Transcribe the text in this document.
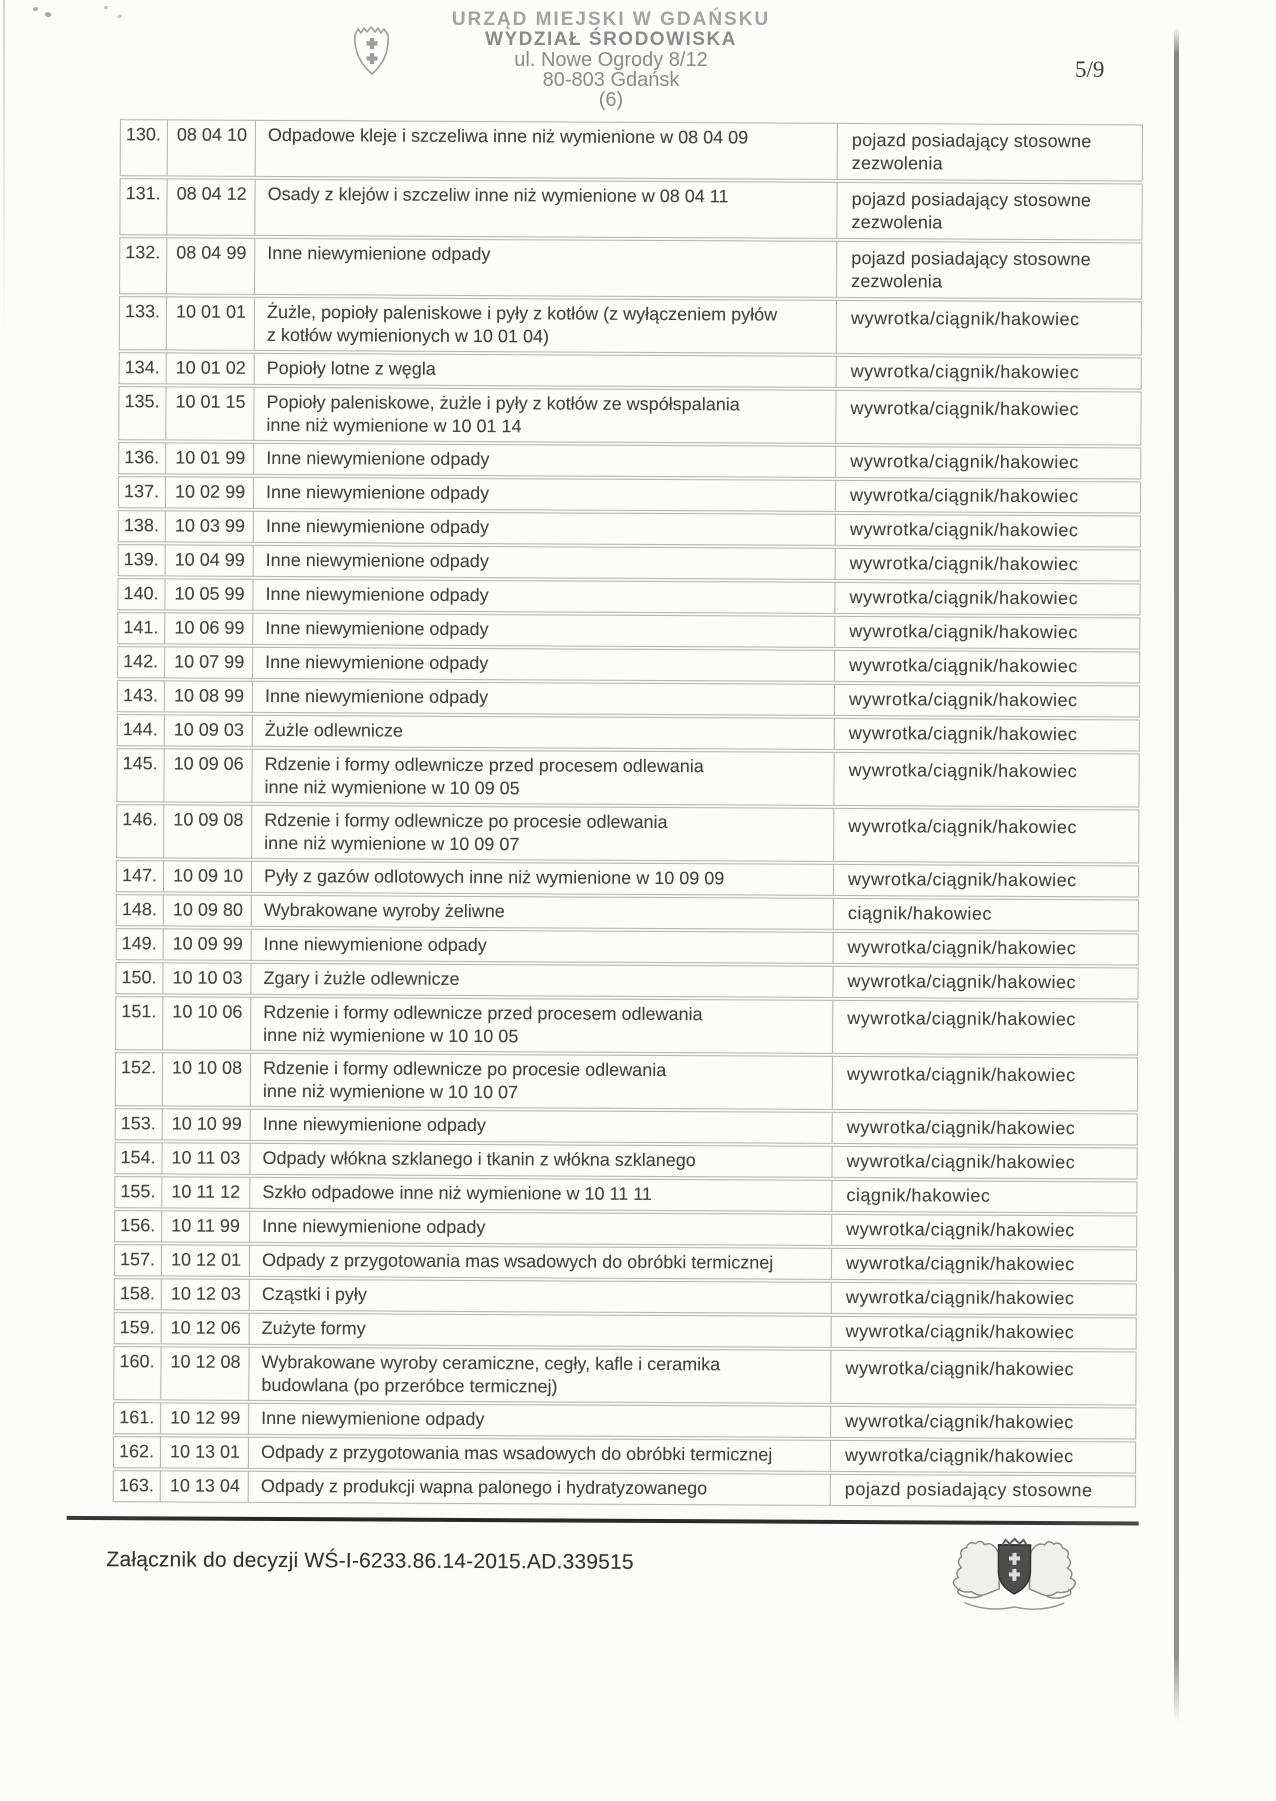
URZĄD MIEJSKI W GDAŃSKU
WYDZIAŁ ŚRODOWISKA
ul. Nowe Ogrody 8/12
80-803 Gdańsk
(6)
5/9
130.	08 04 10	Odpadowe kleje i szczeliwa inne niż wymienione w 08 04 09	pojazd posiadający stosowne
zezwolenia
131.	08 04 12	Osady z klejów i szczeliw inne niż wymienione w 08 04 11	pojazd posiadający stosowne
zezwolenia
132.	08 04 99	Inne niewymienione odpady	pojazd posiadający stosowne
zezwolenia
133.	10 01 01	Żużle, popioły paleniskowe i pyły z kotłów (z wyłączeniem pyłów
z kotłów wymienionych w 10 01 04)	wywrotka/ciągnik/hakowiec
134.	10 01 02	Popioły lotne z węgla	wywrotka/ciągnik/hakowiec
135.	10 01 15	Popioły paleniskowe, żużle i pyły z kotłów ze współspalania
inne niż wymienione w 10 01 14	wywrotka/ciągnik/hakowiec
136.	10 01 99	Inne niewymienione odpady	wywrotka/ciągnik/hakowiec
137.	10 02 99	Inne niewymienione odpady	wywrotka/ciągnik/hakowiec
138.	10 03 99	Inne niewymienione odpady	wywrotka/ciągnik/hakowiec
139.	10 04 99	Inne niewymienione odpady	wywrotka/ciągnik/hakowiec
140.	10 05 99	Inne niewymienione odpady	wywrotka/ciągnik/hakowiec
141.	10 06 99	Inne niewymienione odpady	wywrotka/ciągnik/hakowiec
142.	10 07 99	Inne niewymienione odpady	wywrotka/ciągnik/hakowiec
143.	10 08 99	Inne niewymienione odpady	wywrotka/ciągnik/hakowiec
144.	10 09 03	Żużle odlewnicze	wywrotka/ciągnik/hakowiec
145.	10 09 06	Rdzenie i formy odlewnicze przed procesem odlewania
inne niż wymienione w 10 09 05	wywrotka/ciągnik/hakowiec
146.	10 09 08	Rdzenie i formy odlewnicze po procesie odlewania
inne niż wymienione w 10 09 07	wywrotka/ciągnik/hakowiec
147.	10 09 10	Pyły z gazów odlotowych inne niż wymienione w 10 09 09	wywrotka/ciągnik/hakowiec
148.	10 09 80	Wybrakowane wyroby żeliwne	ciągnik/hakowiec
149.	10 09 99	Inne niewymienione odpady	wywrotka/ciągnik/hakowiec
150.	10 10 03	Zgary i żużle odlewnicze	wywrotka/ciągnik/hakowiec
151.	10 10 06	Rdzenie i formy odlewnicze przed procesem odlewania
inne niż wymienione w 10 10 05	wywrotka/ciągnik/hakowiec
152.	10 10 08	Rdzenie i formy odlewnicze po procesie odlewania
inne niż wymienione w 10 10 07	wywrotka/ciągnik/hakowiec
153.	10 10 99	Inne niewymienione odpady	wywrotka/ciągnik/hakowiec
154.	10 11 03	Odpady włókna szklanego i tkanin z włókna szklanego	wywrotka/ciągnik/hakowiec
155.	10 11 12	Szkło odpadowe inne niż wymienione w 10 11 11	ciągnik/hakowiec
156.	10 11 99	Inne niewymienione odpady	wywrotka/ciągnik/hakowiec
157.	10 12 01	Odpady z przygotowania mas wsadowych do obróbki termicznej	wywrotka/ciągnik/hakowiec
158.	10 12 03	Cząstki i pyły	wywrotka/ciągnik/hakowiec
159.	10 12 06	Zużyte formy	wywrotka/ciągnik/hakowiec
160.	10 12 08	Wybrakowane wyroby ceramiczne, cegły, kafle i ceramika
budowlana (po przeróbce termicznej)	wywrotka/ciągnik/hakowiec
161.	10 12 99	Inne niewymienione odpady	wywrotka/ciągnik/hakowiec
162.	10 13 01	Odpady z przygotowania mas wsadowych do obróbki termicznej	wywrotka/ciągnik/hakowiec
163.	10 13 04	Odpady z produkcji wapna palonego i hydratyzowanego	pojazd posiadający stosowne
Załącznik do decyzji WŚ-I-6233.86.14-2015.AD.339515
